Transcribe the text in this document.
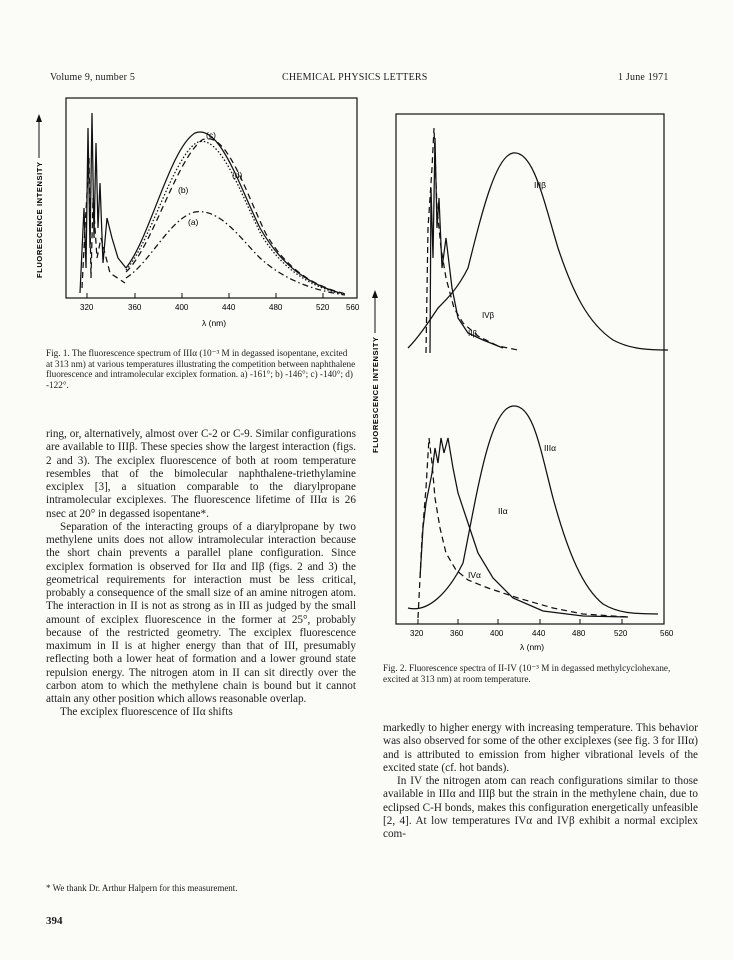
Volume 9, number 5	CHEMICAL PHYSICS LETTERS	1 June 1971
FLUORESCENCE INTENSITY
320	360	400	440	480	520 560
λ (nm)
(c)
(d)
(b)
(a)
Fig. 1. The fluorescence spectrum of IIIα (10⁻³ M in degassed isopentane, excited at 313 nm) at various temperatures illustrating the competition between naphthalene fluorescence and intramolecular exciplex formation. a) -161°; b) -146°; c) -140°; d) -122°.

ring, or, alternatively, almost over C-2 or C-9. Similar configurations are available to IIIβ. These species show the largest interaction (figs. 2 and 3). The exciplex fluorescence of both at room temperature resembles that of the bimolecular naphthalene-triethylamine exciplex [3], a situation comparable to the diarylpropane intramolecular exciplexes. The fluorescence lifetime of IIIα is 26 nsec at 20° in degassed isopentane*.

Separation of the interacting groups of a diarylpropane by two methylene units does not allow intramolecular interaction because the short chain prevents a parallel plane configuration. Since exciplex formation is observed for IIα and IIβ (figs. 2 and 3) the geometrical requirements for interaction must be less critical, probably a consequence of the small size of an amine nitrogen atom. The interaction in II is not as strong as in III as judged by the small amount of exciplex fluorescence in the former at 25°, probably because of the restricted geometry. The exciplex fluorescence maximum in II is at higher energy than that of III, presumably reflecting both a lower heat of formation and a lower ground state repulsion energy. The nitrogen atom in II can sit directly over the carbon atom to which the methylene chain is bound but it cannot attain any other position which allows reasonable overlap.

The exciplex fluorescence of IIα shifts

* We thank Dr. Arthur Halpern for this measurement.
394
FLUORESCENCE INTENSITY
IIIβ
IVβ
IIβ
IIIα
IIα
IVα
320	360	400	440	480	520	560
λ (nm)
Fig. 2. Fluorescence spectra of II-IV (10⁻³ M in degassed methylcyclohexane, excited at 313 nm) at room temperature.

markedly to higher energy with increasing temperature. This behavior was also observed for some of the other exciplexes (see fig. 3 for IIIα) and is attributed to emission from higher vibrational levels of the excited state (cf. hot bands).

In IV the nitrogen atom can reach configurations similar to those available in IIIα and IIIβ but the strain in the methylene chain, due to eclipsed C-H bonds, makes this configuration energetically unfeasible [2, 4]. At low temperatures IVα and IVβ exhibit a normal exciplex com-
